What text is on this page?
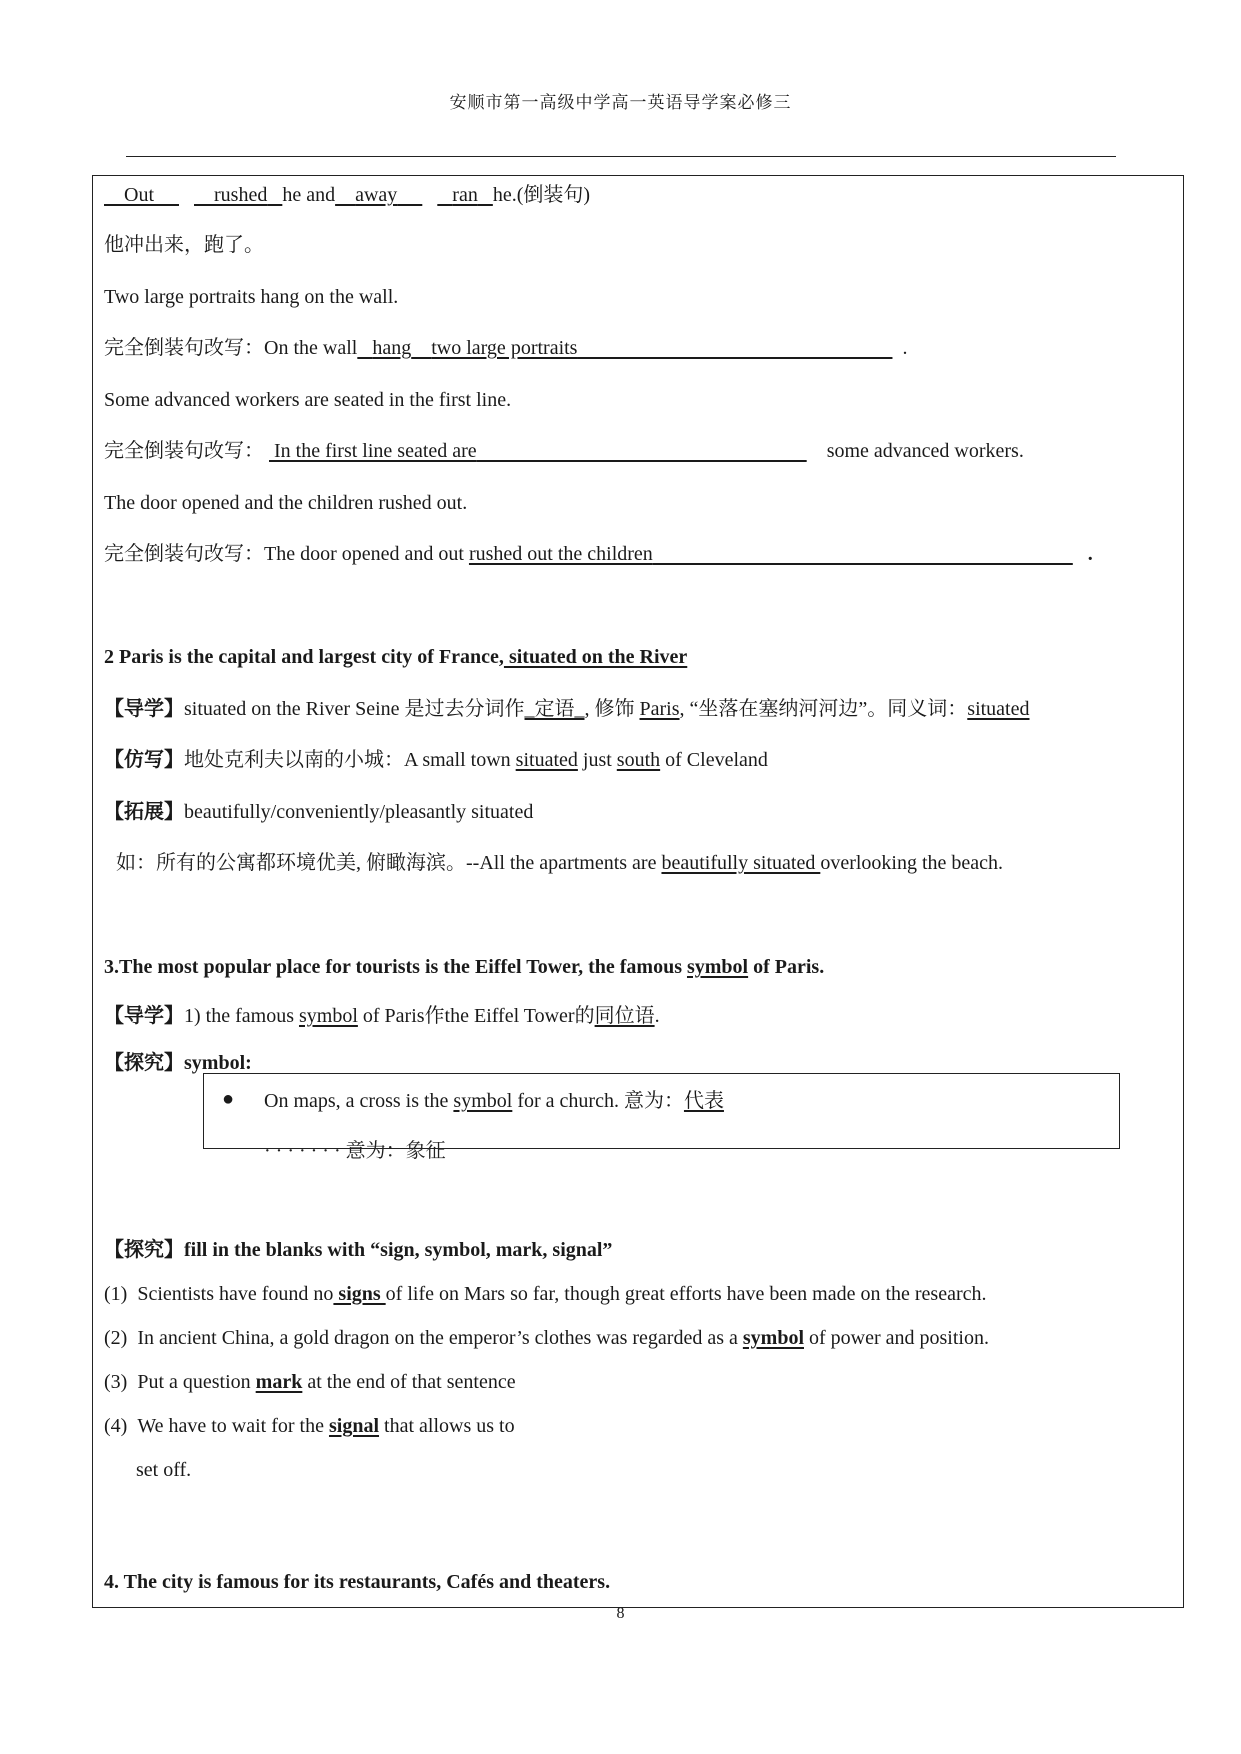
安顺市第一高级中学高一英语导学案必修三
Out	rushed he and away	ran he.(倒装句)
他冲出来，跑了。
Two large portraits hang on the wall.
完全倒装句改写：On the wall hang two large portraits	.
Some advanced workers are seated in the first line.
完全倒装句改写： In the first line seated are	some advanced workers.
The door opened and the children rushed out.
完全倒装句改写：The door opened and out rushed out the children	.
2 Paris is the capital and largest city of France, situated on the River
【导学】situated on the River Seine 是过去分词作_定语_, 修饰 Paris, “坐落在塞纳河河边”。同义词：situated
【仿写】地处克利夫以南的小城：A small town situated just south of Cleveland
【拓展】beautifully/conveniently/pleasantly situated
如：所有的公寓都环境优美, 俯瞰海滨。--All the apartments are beautifully situated overlooking the beach.
3.The most popular place for tourists is the Eiffel Tower, the famous symbol of Paris.
【导学】1) the famous symbol of Paris作the Eiffel Tower的同位语.
【探究】symbol:
● On maps, a cross is the symbol for a church. 意为：代表
· · · · · · · 意为：象征
【探究】fill in the blanks with “sign, symbol, mark, signal”
(1) Scientists have found no signs of life on Mars so far, though great efforts have been made on the research.
(2) In ancient China, a gold dragon on the emperor’s clothes was regarded as a symbol of power and position.
(3) Put a question mark at the end of that sentence
(4) We have to wait for the signal that allows us to
set off.
4. The city is famous for its restaurants, Cafés and theaters.
8
